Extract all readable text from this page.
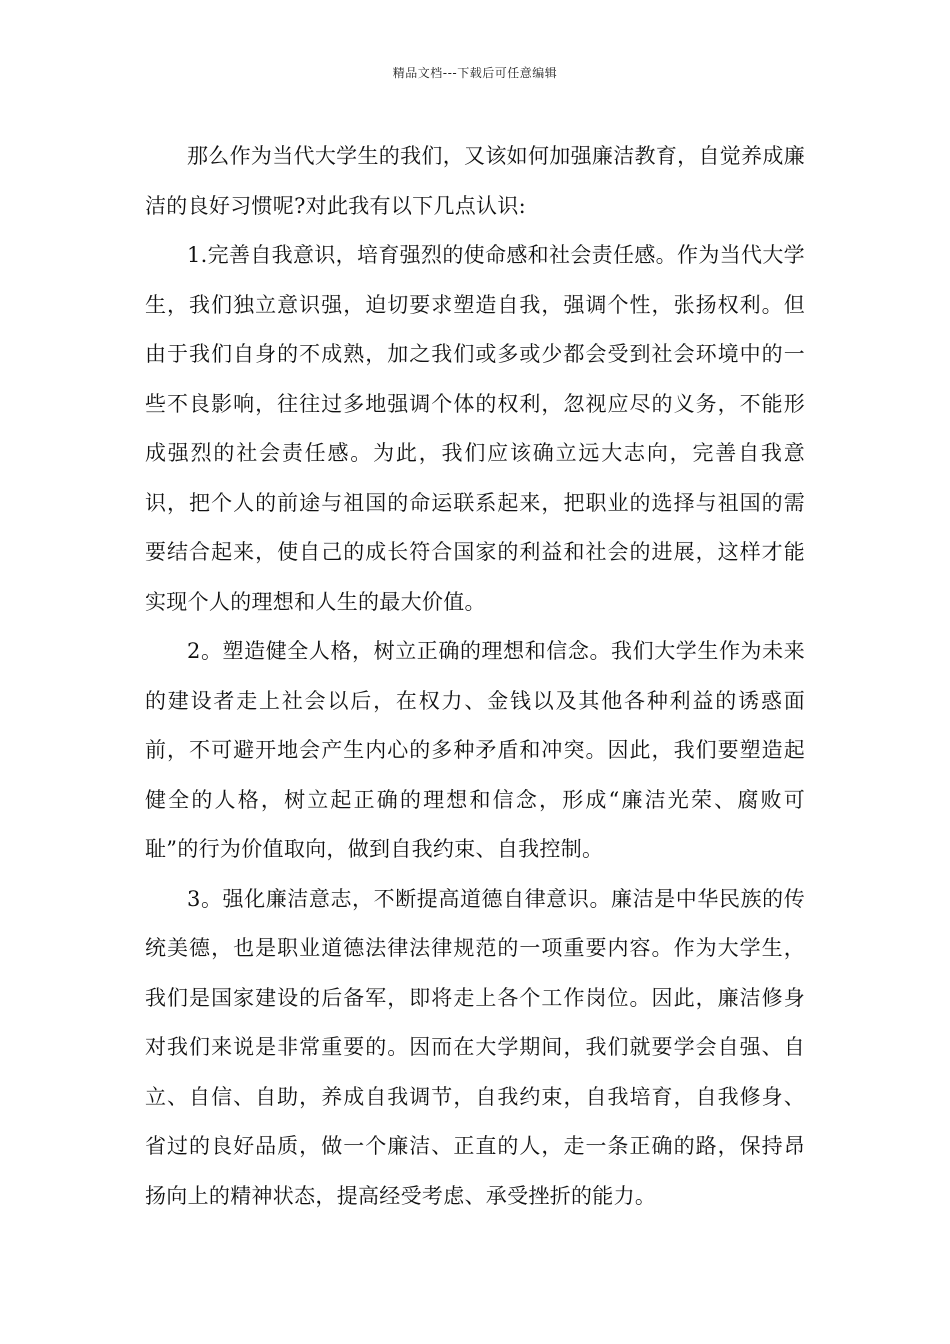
精品文档---下载后可任意编辑

那么作为当代大学生的我们，又该如何加强廉洁教育，自觉养成廉洁的良好习惯呢?对此我有以下几点认识:

1.完善自我意识，培育强烈的使命感和社会责任感。作为当代大学生，我们独立意识强，迫切要求塑造自我，强调个性，张扬权利。但由于我们自身的不成熟，加之我们或多或少都会受到社会环境中的一些不良影响，往往过多地强调个体的权利，忽视应尽的义务，不能形成强烈的社会责任感。为此，我们应该确立远大志向，完善自我意识，把个人的前途与祖国的命运联系起来，把职业的选择与祖国的需要结合起来，使自己的成长符合国家的利益和社会的进展，这样才能实现个人的理想和人生的最大价值。

2。塑造健全人格，树立正确的理想和信念。我们大学生作为未来的建设者走上社会以后，在权力、金钱以及其他各种利益的诱惑面前，不可避开地会产生内心的多种矛盾和冲突。因此，我们要塑造起健全的人格，树立起正确的理想和信念，形成“廉洁光荣、腐败可耻”的行为价值取向，做到自我约束、自我控制。

3。强化廉洁意志，不断提高道德自律意识。廉洁是中华民族的传统美德，也是职业道德法律法律规范的一项重要内容。作为大学生，我们是国家建设的后备军，即将走上各个工作岗位。因此，廉洁修身对我们来说是非常重要的。因而在大学期间，我们就要学会自强、自立、自信、自助，养成自我调节，自我约束，自我培育，自我修身、省过的良好品质，做一个廉洁、正直的人，走一条正确的路，保持昂扬向上的精神状态，提高经受考虑、承受挫折的能力。
